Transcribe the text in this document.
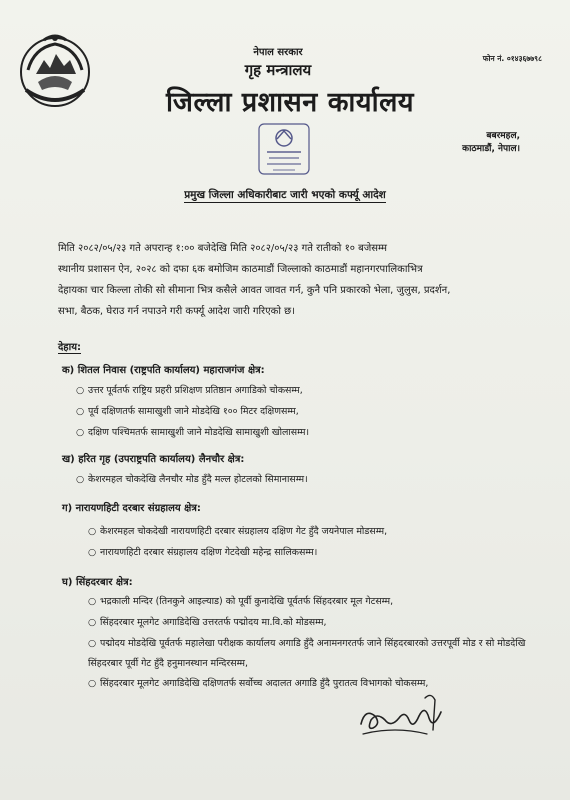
नेपाल सरकार
गृह मन्त्रालय
जिल्ला प्रशासन कार्यालय
फोन नं. ०१४३६७७९८
बबरमहल,
काठमाडौं, नेपाल।
प्रमुख जिल्ला अधिकारीबाट जारी भएको कर्फ्यू आदेश
मिति २०८२/०५/२३ गते अपरान्ह १:०० बजेदेखि मिति २०८२/०५/२३ गते रातीको १० बजेसम्म
स्थानीय प्रशासन ऐन, २०२८ को दफा ६क बमोजिम काठमाडौं जिल्लाको काठमाडौं महानगरपालिकाभित्र
देहायका चार किल्ला तोकी सो सीमाना भित्र कसैले आवत जावत गर्न, कुनै पनि प्रकारको भेला, जुलुस, प्रदर्शन,
सभा, बैठक, घेराउ गर्न नपाउने गरी कर्फ्यू आदेश जारी गरिएको छ।
देहाय:
क) शितल निवास (राष्ट्रपति कार्यालय) महाराजगंज क्षेत्र:
○ उत्तर पूर्वतर्फ राष्ट्रिय प्रहरी प्रशिक्षण प्रतिष्ठान अगाडिको चोकसम्म,
○ पूर्व दक्षिणतर्फ सामाखुशी जाने मोडदेखि १०० मिटर दक्षिणसम्म,
○ दक्षिण पश्चिमतर्फ सामाखुशी जाने मोडदेखि सामाखुशी खोलासम्म।
ख) हरित गृह (उपराष्ट्रपति कार्यालय) लैनचौर क्षेत्र:
○ केशरमहल चोकदेखि लैनचौर मोड हुँदै मल्ल होटलको सिमानासम्म।
ग) नारायणहिटी दरबार संग्रहालय क्षेत्र:
○ केशरमहल चोकदेखी नारायणहिटी दरबार संग्रहालय दक्षिण गेट हुँदै जयनेपाल मोडसम्म,
○ नारायणहिटी दरबार संग्रहालय दक्षिण गेटदेखी महेन्द्र सालिकसम्म।
घ) सिंहदरबार क्षेत्र:
○ भद्रकाली मन्दिर (तिनकुने आइल्याड) को पूर्वी कुनादेखि पूर्वतर्फ सिंहदरबार मूल गेटसम्म,
○ सिंहदरबार मूलगेट अगाडिदेखि उत्तरतर्फ पद्मोदय मा.वि.को मोडसम्म,
○ पद्मोदय मोडदेखि पूर्वतर्फ महालेखा परीक्षक कार्यालय अगाडि हुँदै अनामनगरतर्फ जाने सिंहदरबारको उत्तरपूर्वी मोड र सो मोडदेखि सिंहदरबार पूर्वी गेट हुँदै हनुमानस्थान मन्दिरसम्म,
○ सिंहदरबार मूलगेट अगाडिदेखि दक्षिणतर्फ सर्वोच्च अदालत अगाडि हुँदै पुरातत्व विभागको चोकसम्म,
